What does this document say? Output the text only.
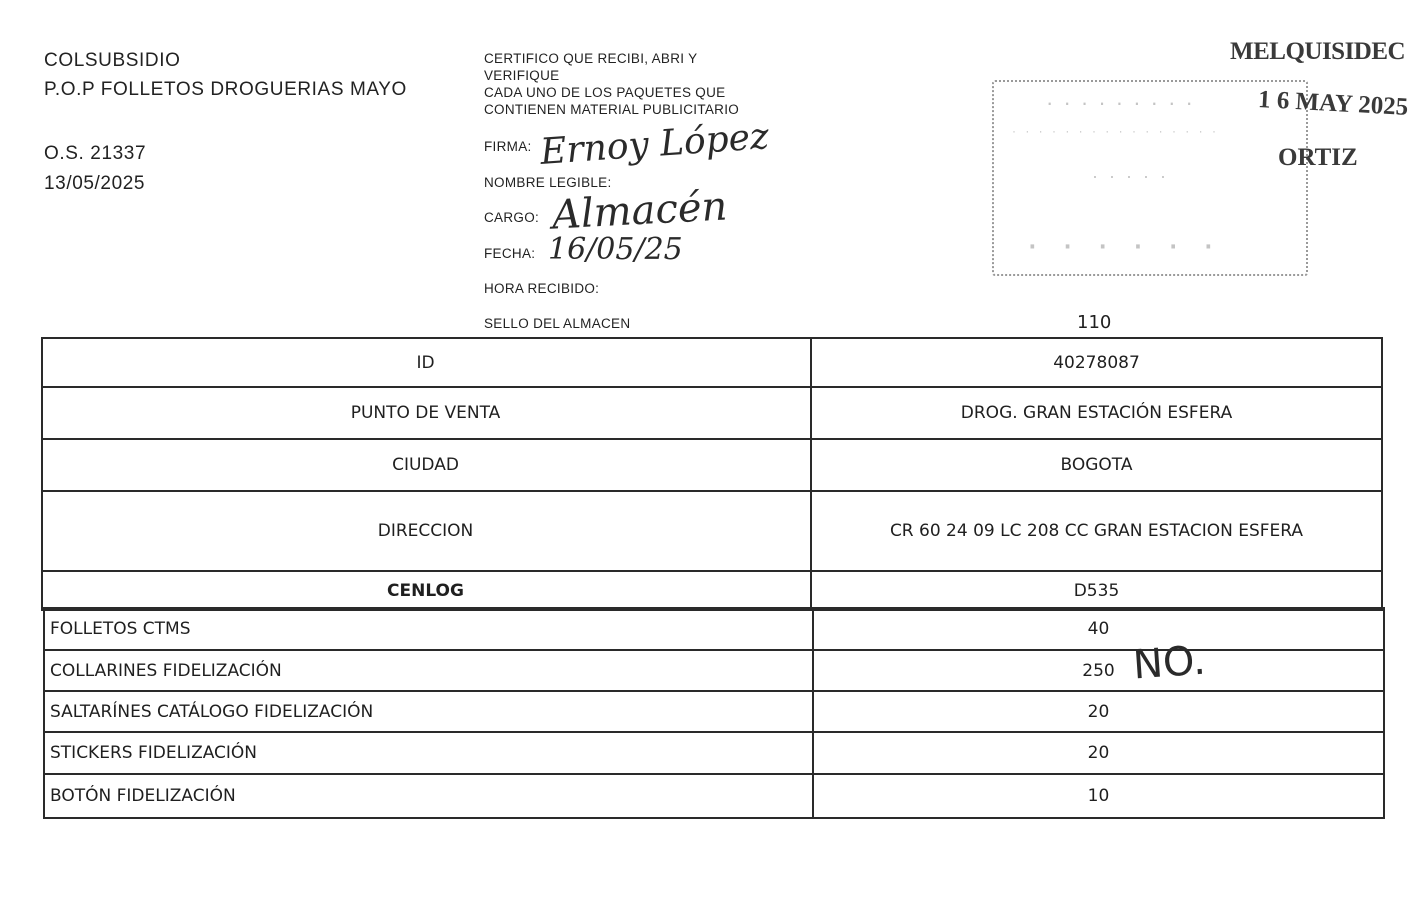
COLSUBSIDIO
P.O.P FOLLETOS DROGUERIAS MAYO
O.S. 21337
13/05/2025
CERTIFICO QUE RECIBI, ABRI Y
VERIFIQUE
CADA UNO DE LOS PAQUETES QUE
CONTIENEN MATERIAL PUBLICITARIO
FIRMA: Ernoy López
NOMBRE LEGIBLE:
CARGO: Almacén
FECHA: 16/05/25
HORA RECIBIDO:
SELLO DEL ALMACEN
· · · · · · · · ·
· · · · · · · · · · · · · · · ·
· · · · ·
· · · · · ·
MELQUISIDEC
1 6 MAY 2025
ORTIZ
110
ID	40278087
PUNTO DE VENTA	DROG. GRAN ESTACIÓN ESFERA
CIUDAD	BOGOTA
DIRECCION	CR 60 24 09 LC 208 CC GRAN ESTACION ESFERA
CENLOG	D535
FOLLETOS CTMS	40
COLLARINES FIDELIZACIÓN	250
SALTARÍNES CATÁLOGO FIDELIZACIÓN	20
STICKERS FIDELIZACIÓN	20
BOTÓN FIDELIZACIÓN	10
NO.
